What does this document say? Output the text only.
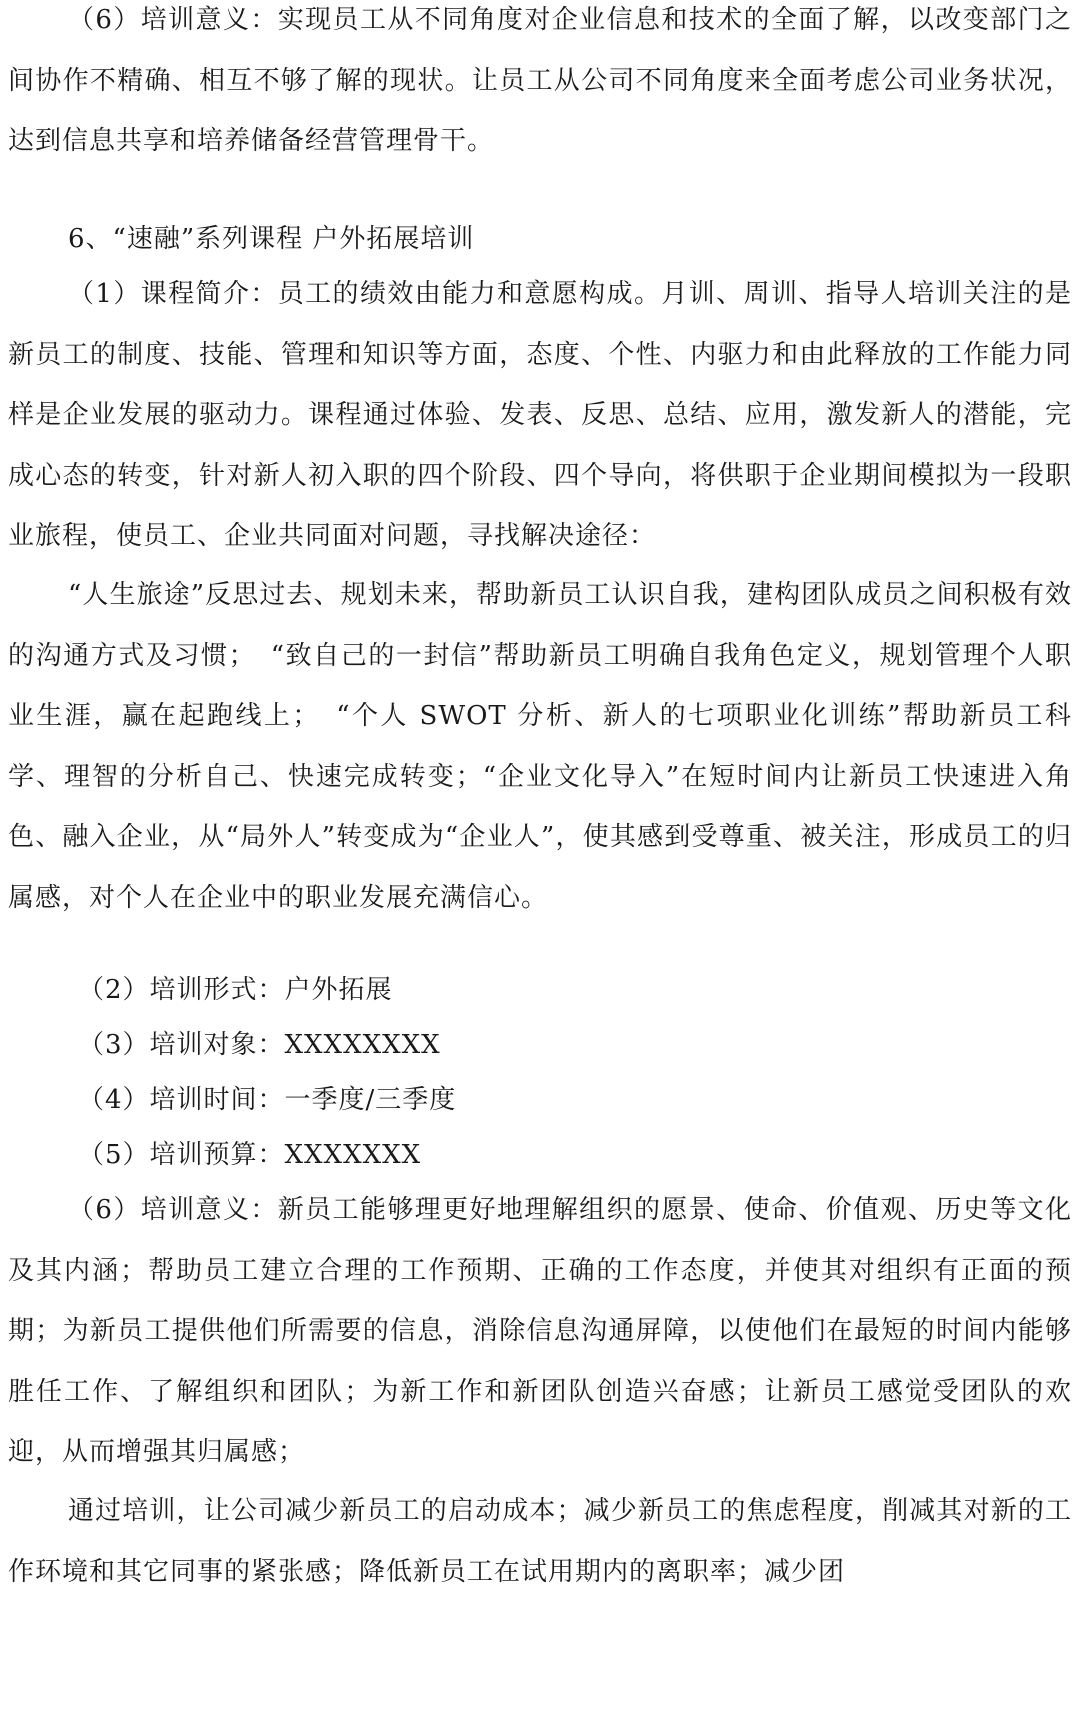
（6）培训意义：实现员工从不同角度对企业信息和技术的全面了解，以改变部门之间协作不精确、相互不够了解的现状。让员工从公司不同角度来全面考虑公司业务状况，达到信息共享和培养储备经营管理骨干。

6、“速融”系列课程 户外拓展培训

（1）课程简介：员工的绩效由能力和意愿构成。月训、周训、指导人培训关注的是新员工的制度、技能、管理和知识等方面，态度、个性、内驱力和由此释放的工作能力同样是企业发展的驱动力。课程通过体验、发表、反思、总结、应用，激发新人的潜能，完成心态的转变，针对新人初入职的四个阶段、四个导向，将供职于企业期间模拟为一段职业旅程，使员工、企业共同面对问题，寻找解决途径：

“人生旅途”反思过去、规划未来，帮助新员工认识自我，建构团队成员之间积极有效的沟通方式及习惯；　“致自己的一封信”帮助新员工明确自我角色定义，规划管理个人职业生涯，赢在起跑线上；　“个人 SWOT 分析、新人的七项职业化训练”帮助新员工科学、理智的分析自己、快速完成转变；“企业文化导入”在短时间内让新员工快速进入角色、融入企业，从“局外人”转变成为“企业人”，使其感到受尊重、被关注，形成员工的归属感，对个人在企业中的职业发展充满信心。

（2）培训形式：户外拓展

（3）培训对象：XXXXXXXX

（4）培训时间：一季度/三季度

（5）培训预算：XXXXXXX

（6）培训意义：新员工能够理更好地理解组织的愿景、使命、价值观、历史等文化及其内涵；帮助员工建立合理的工作预期、正确的工作态度，并使其对组织有正面的预期；为新员工提供他们所需要的信息，消除信息沟通屏障，以使他们在最短的时间内能够胜任工作、了解组织和团队；为新工作和新团队创造兴奋感；让新员工感觉受团队的欢迎，从而增强其归属感；

通过培训，让公司减少新员工的启动成本；减少新员工的焦虑程度，削减其对新的工作环境和其它同事的紧张感；降低新员工在试用期内的离职率；减少团
